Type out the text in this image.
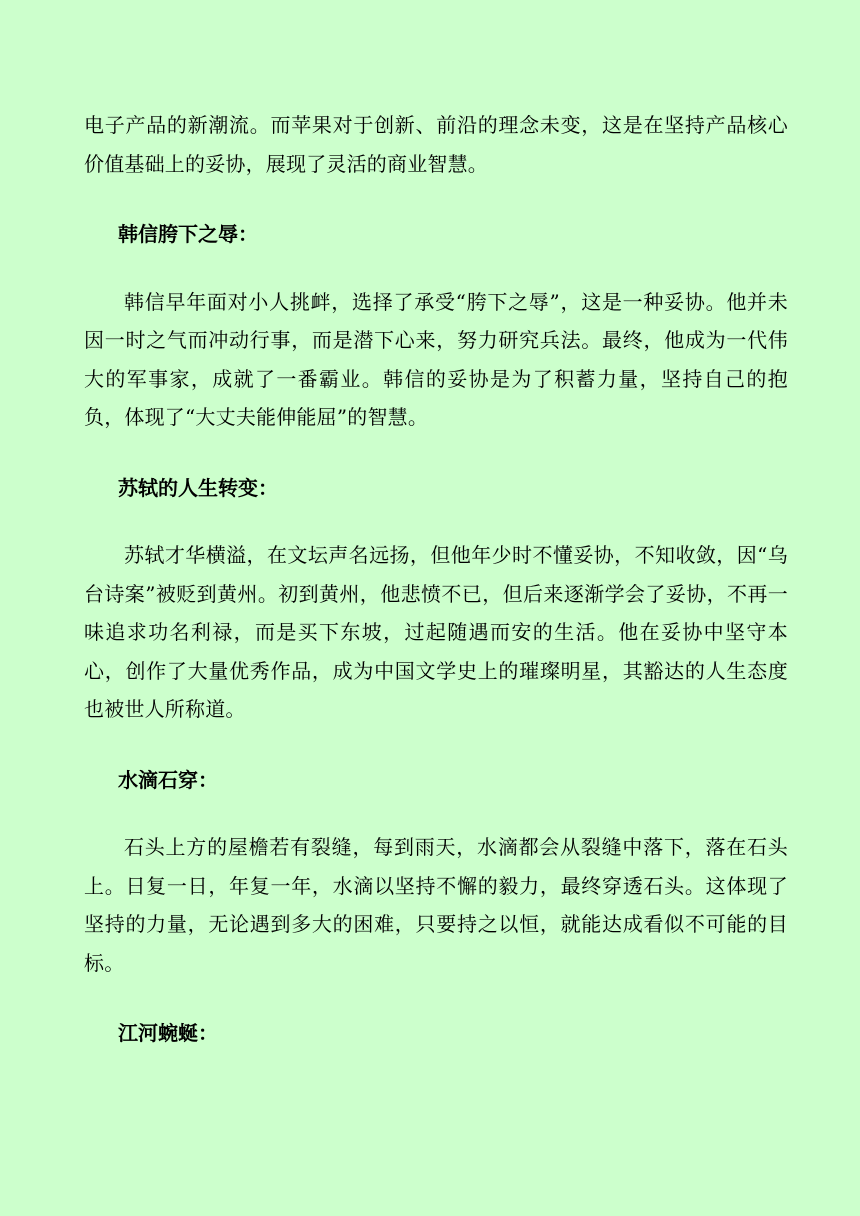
电子产品的新潮流。而苹果对于创新、前沿的理念未变，这是在坚持产品核心价值基础上的妥协，展现了灵活的商业智慧。

韩信胯下之辱：

韩信早年面对小人挑衅，选择了承受“胯下之辱”，这是一种妥协。他并未因一时之气而冲动行事，而是潜下心来，努力研究兵法。最终，他成为一代伟大的军事家，成就了一番霸业。韩信的妥协是为了积蓄力量，坚持自己的抱负，体现了“大丈夫能伸能屈”的智慧。

苏轼的人生转变：

苏轼才华横溢，在文坛声名远扬，但他年少时不懂妥协，不知收敛，因“乌台诗案”被贬到黄州。初到黄州，他悲愤不已，但后来逐渐学会了妥协，不再一味追求功名利禄，而是买下东坡，过起随遇而安的生活。他在妥协中坚守本心，创作了大量优秀作品，成为中国文学史上的璀璨明星，其豁达的人生态度也被世人所称道。

水滴石穿：

石头上方的屋檐若有裂缝，每到雨天，水滴都会从裂缝中落下，落在石头上。日复一日，年复一年，水滴以坚持不懈的毅力，最终穿透石头。这体现了坚持的力量，无论遇到多大的困难，只要持之以恒，就能达成看似不可能的目标。

江河蜿蜒：
